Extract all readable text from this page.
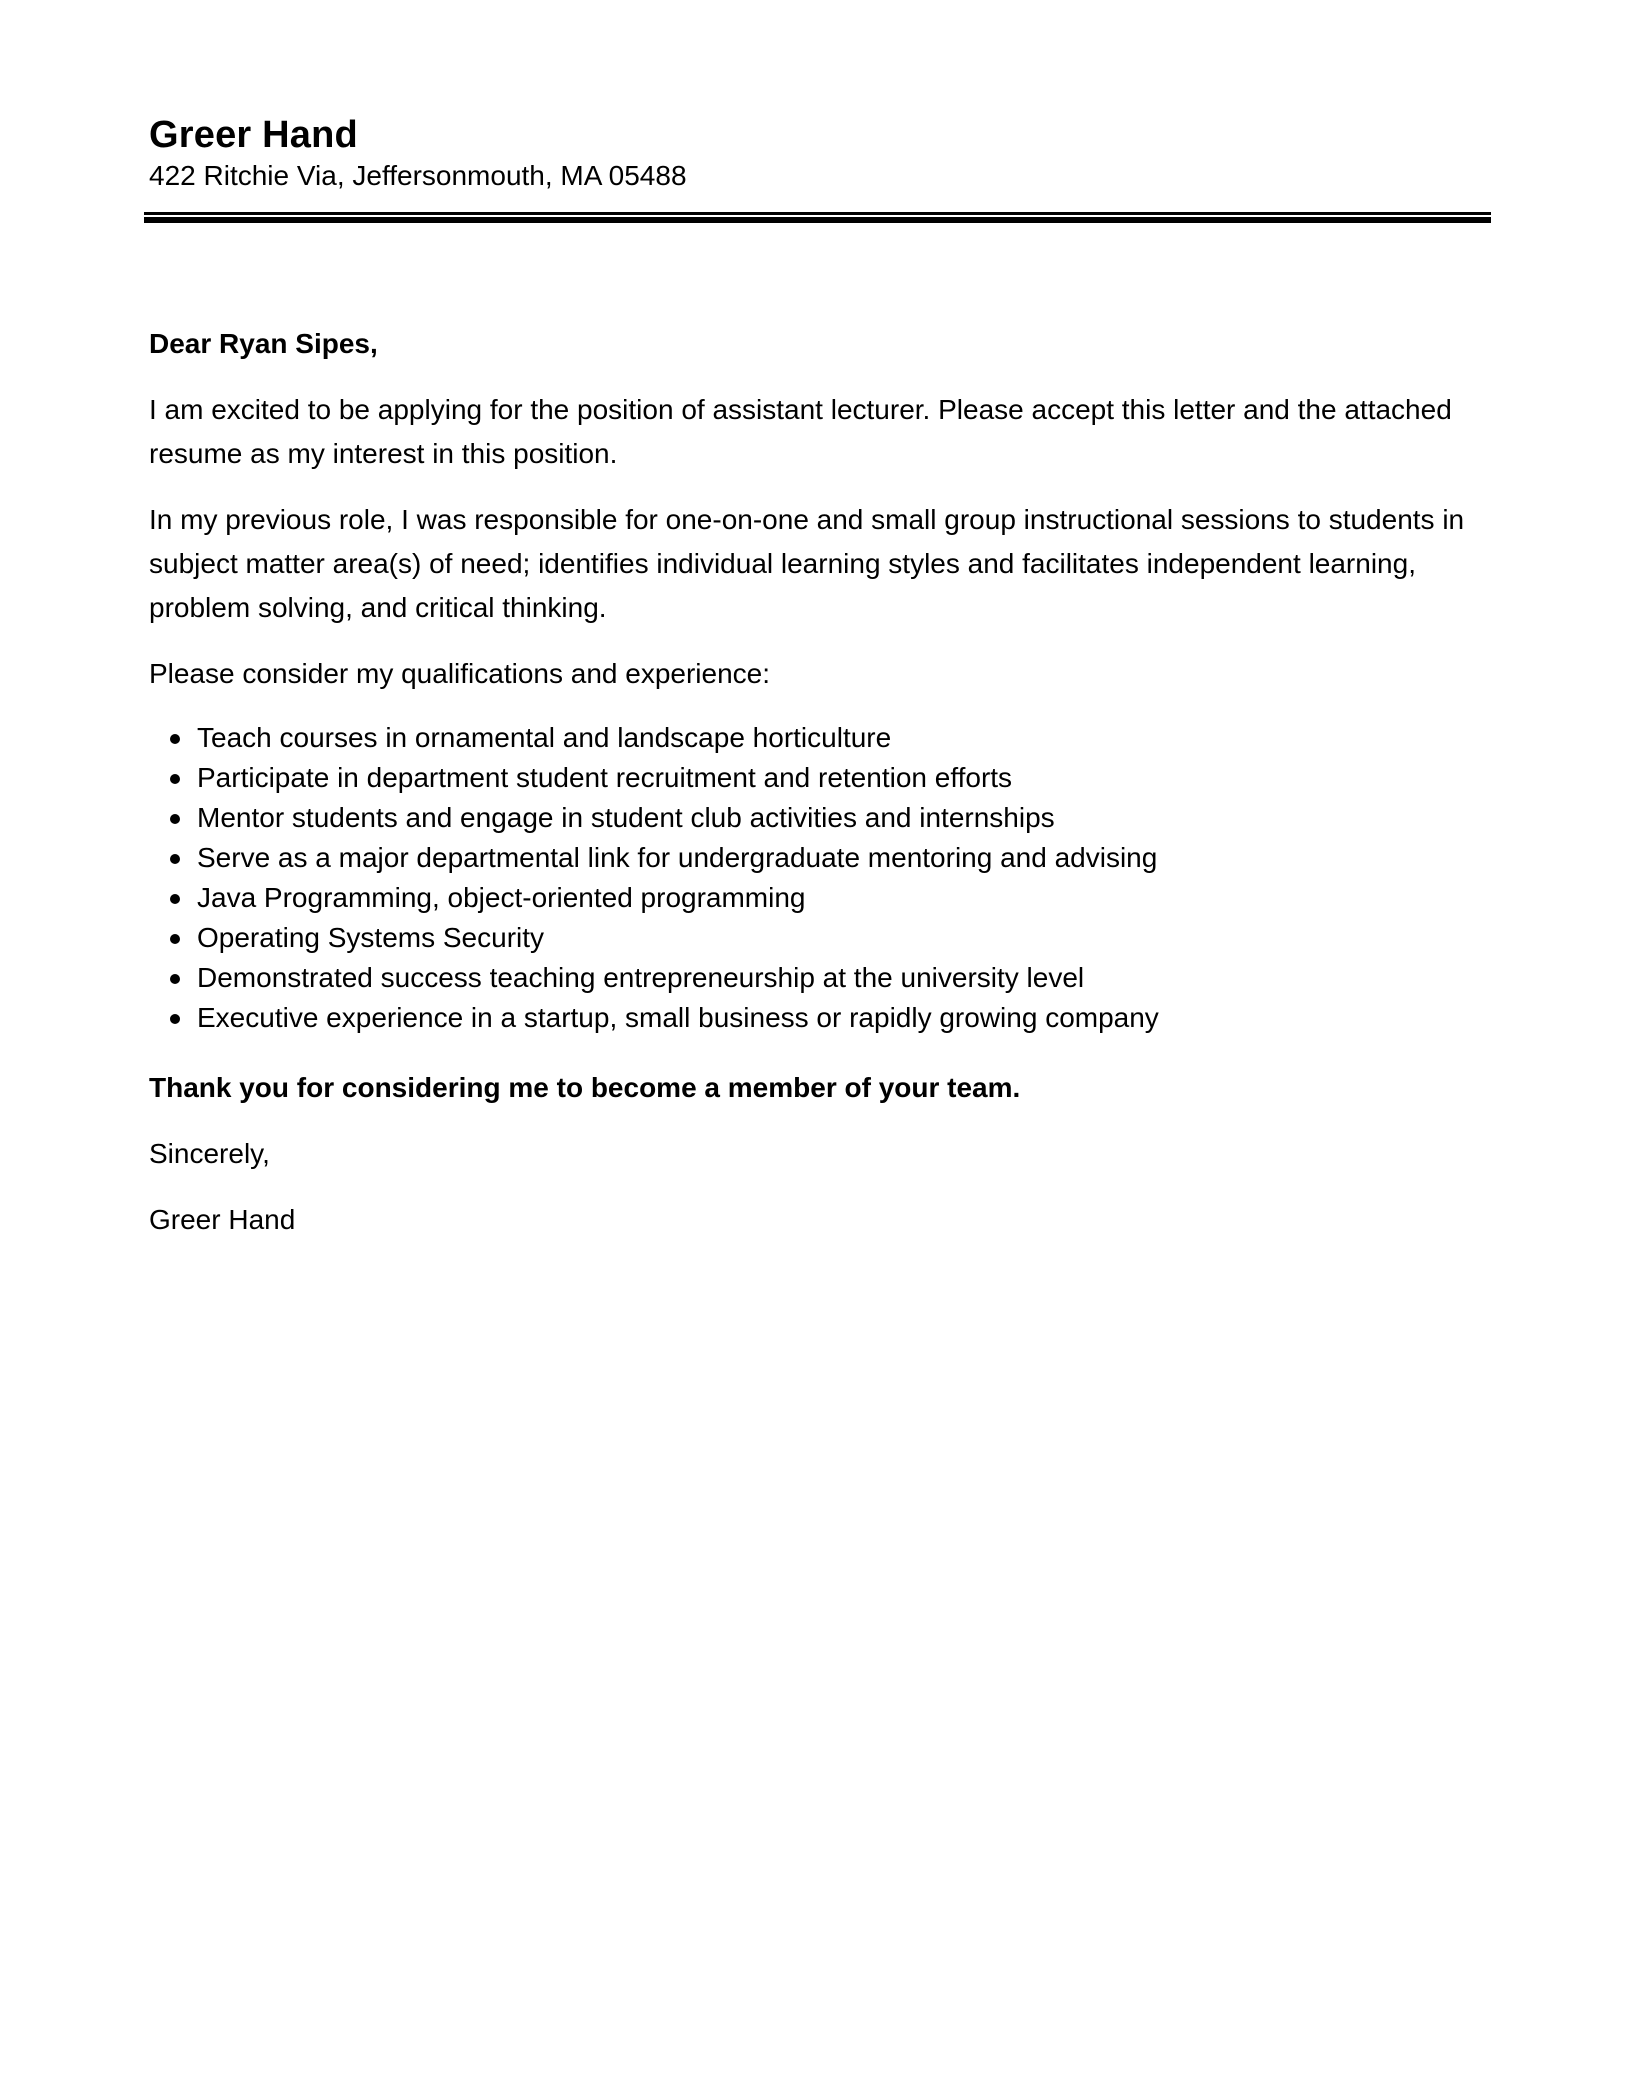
Greer Hand
422 Ritchie Via, Jeffersonmouth, MA 05488

Dear Ryan Sipes,

I am excited to be applying for the position of assistant lecturer. Please accept this letter and the attached resume as my interest in this position.

In my previous role, I was responsible for one-on-one and small group instructional sessions to students in subject matter area(s) of need; identifies individual learning styles and facilitates independent learning, problem solving, and critical thinking.

Please consider my qualifications and experience:

Teach courses in ornamental and landscape horticulture
Participate in department student recruitment and retention efforts
Mentor students and engage in student club activities and internships
Serve as a major departmental link for undergraduate mentoring and advising
Java Programming, object-oriented programming
Operating Systems Security
Demonstrated success teaching entrepreneurship at the university level
Executive experience in a startup, small business or rapidly growing company

Thank you for considering me to become a member of your team.

Sincerely,

Greer Hand
